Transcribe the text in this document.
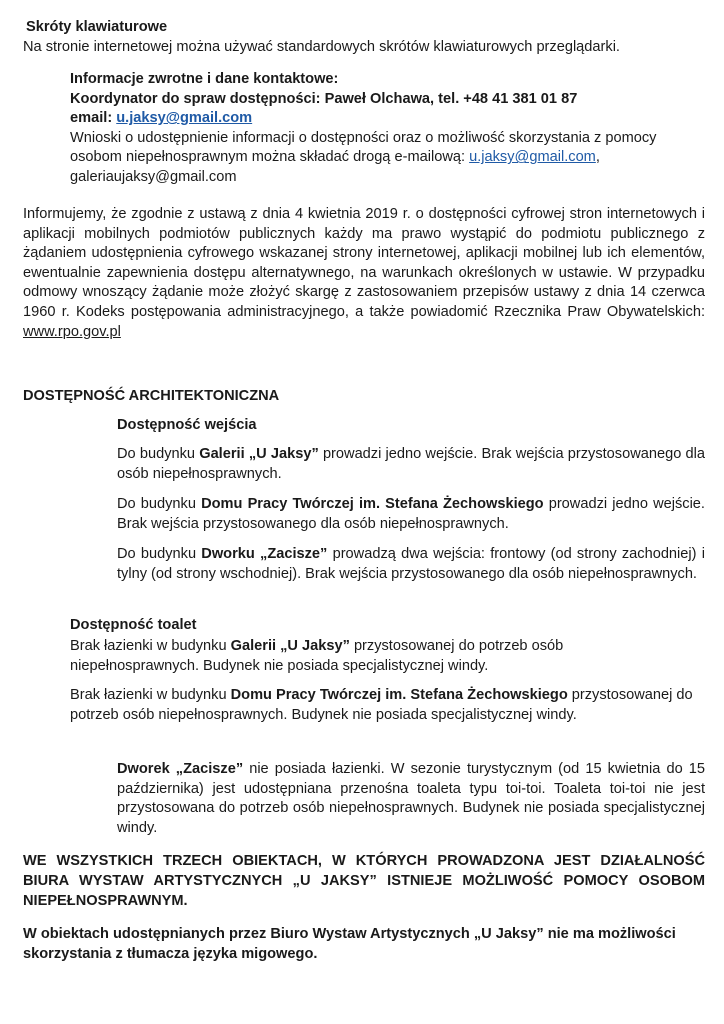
Skróty klawiaturowe

Na stronie internetowej można używać standardowych skrótów klawiaturowych przeglądarki.

Informacje zwrotne i dane kontaktowe:

Koordynator do spraw dostępności: Paweł Olchawa, tel. +48 41 381 01 87

email: u.jaksy@gmail.com

Wnioski o udostępnienie informacji o dostępności oraz o możliwość skorzystania z pomocy

osobom niepełnosprawnym można składać drogą e-mailową: u.jaksy@gmail.com,

galeriaujaksy@gmail.com

Informujemy, że zgodnie z ustawą z dnia 4 kwietnia 2019 r. o dostępności cyfrowej stron internetowych i aplikacji mobilnych podmiotów publicznych każdy ma prawo wystąpić do podmiotu publicznego z żądaniem udostępnienia cyfrowego wskazanej strony internetowej, aplikacji mobilnej lub ich elementów, ewentualnie zapewnienia dostępu alternatywnego, na warunkach określonych w ustawie. W przypadku odmowy wnoszący żądanie może złożyć skargę z zastosowaniem przepisów ustawy z dnia 14 czerwca 1960 r. Kodeks postępowania administracyjnego, a także powiadomić Rzecznika Praw Obywatelskich: www.rpo.gov.pl

DOSTĘPNOŚĆ ARCHITEKTONICZNA

Dostępność wejścia

Do budynku Galerii „U Jaksy” prowadzi jedno wejście. Brak wejścia przystosowanego dla osób niepełnosprawnych.

Do budynku Domu Pracy Twórczej im. Stefana Żechowskiego prowadzi jedno wejście. Brak wejścia przystosowanego dla osób niepełnosprawnych.

Do budynku Dworku „Zacisze” prowadzą dwa wejścia: frontowy (od strony zachodniej) i tylny (od strony wschodniej). Brak wejścia przystosowanego dla osób niepełnosprawnych.

Dostępność toalet

Brak łazienki w budynku Galerii „U Jaksy” przystosowanej do potrzeb osób niepełnosprawnych. Budynek nie posiada specjalistycznej windy.

Brak łazienki w budynku Domu Pracy Twórczej im. Stefana Żechowskiego przystosowanej do potrzeb osób niepełnosprawnych. Budynek nie posiada specjalistycznej windy.

Dworek „Zacisze” nie posiada łazienki. W sezonie turystycznym (od 15 kwietnia do 15 października) jest udostępniana przenośna toaleta typu toi-toi. Toaleta toi-toi nie jest przystosowana do potrzeb osób niepełnosprawnych. Budynek nie posiada specjalistycznej windy.

WE WSZYSTKICH TRZECH OBIEKTACH, W KTÓRYCH PROWADZONA JEST DZIAŁALNOŚĆ BIURA WYSTAW ARTYSTYCZNYCH „U JAKSY” ISTNIEJE MOŻLIWOŚĆ POMOCY OSOBOM NIEPEŁNOSPRAWNYM.

W obiektach udostępnianych przez Biuro Wystaw Artystycznych „U Jaksy” nie ma możliwości skorzystania z tłumacza języka migowego.
